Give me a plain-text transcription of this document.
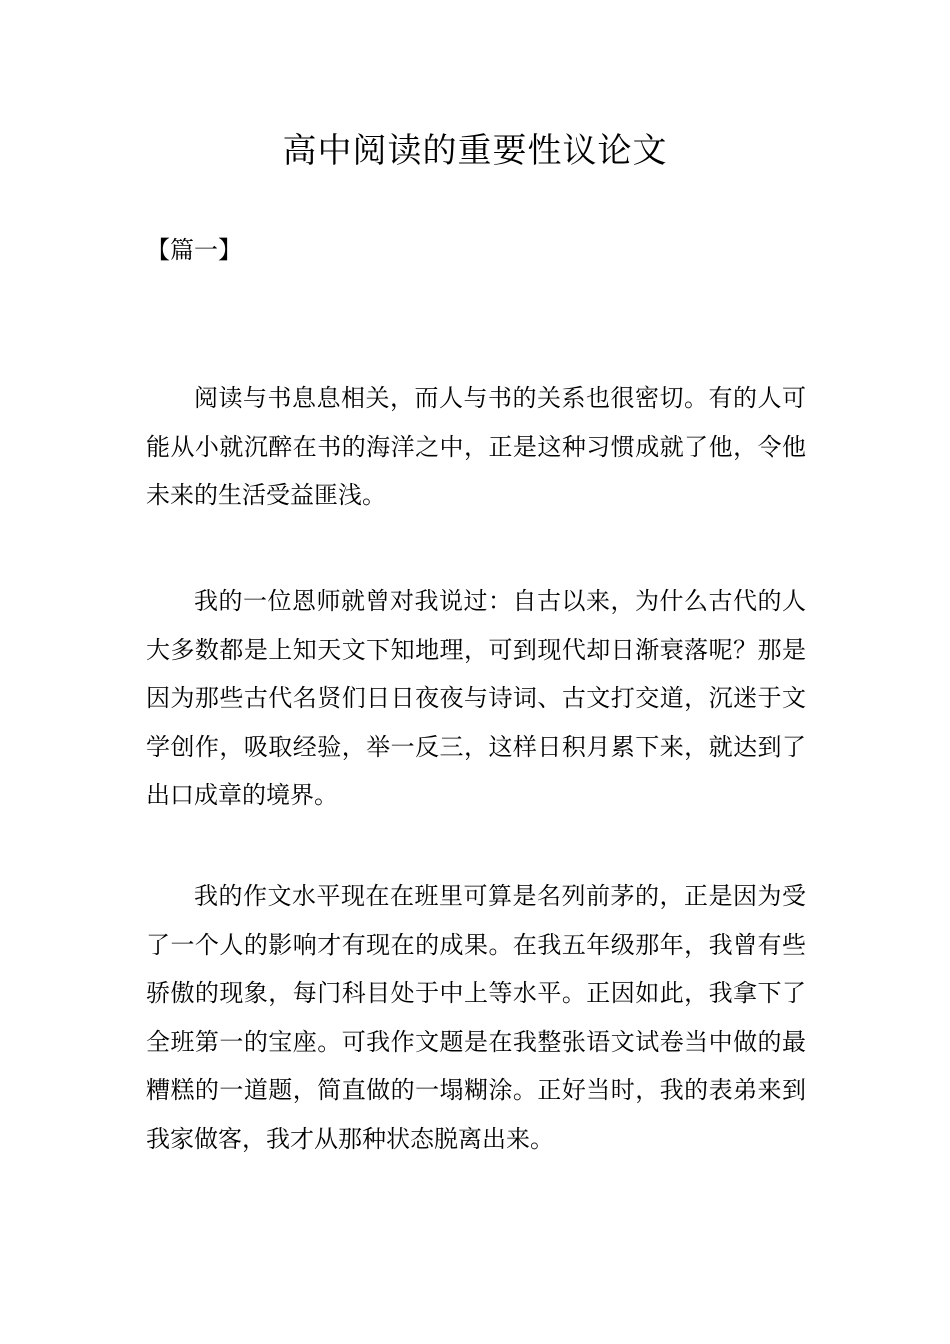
高中阅读的重要性议论文
【篇一】

阅读与书息息相关，而人与书的关系也很密切。有的人可能从小就沉醉在书的海洋之中，正是这种习惯成就了他，令他未来的生活受益匪浅。

我的一位恩师就曾对我说过：自古以来，为什么古代的人大多数都是上知天文下知地理，可到现代却日渐衰落呢？那是因为那些古代名贤们日日夜夜与诗词、古文打交道，沉迷于文学创作，吸取经验，举一反三，这样日积月累下来，就达到了出口成章的境界。

我的作文水平现在在班里可算是名列前茅的，正是因为受了一个人的影响才有现在的成果。在我五年级那年，我曾有些骄傲的现象，每门科目处于中上等水平。正因如此，我拿下了全班第一的宝座。可我作文题是在我整张语文试卷当中做的最糟糕的一道题，简直做的一塌糊涂。正好当时，我的表弟来到我家做客，我才从那种状态脱离出来。
